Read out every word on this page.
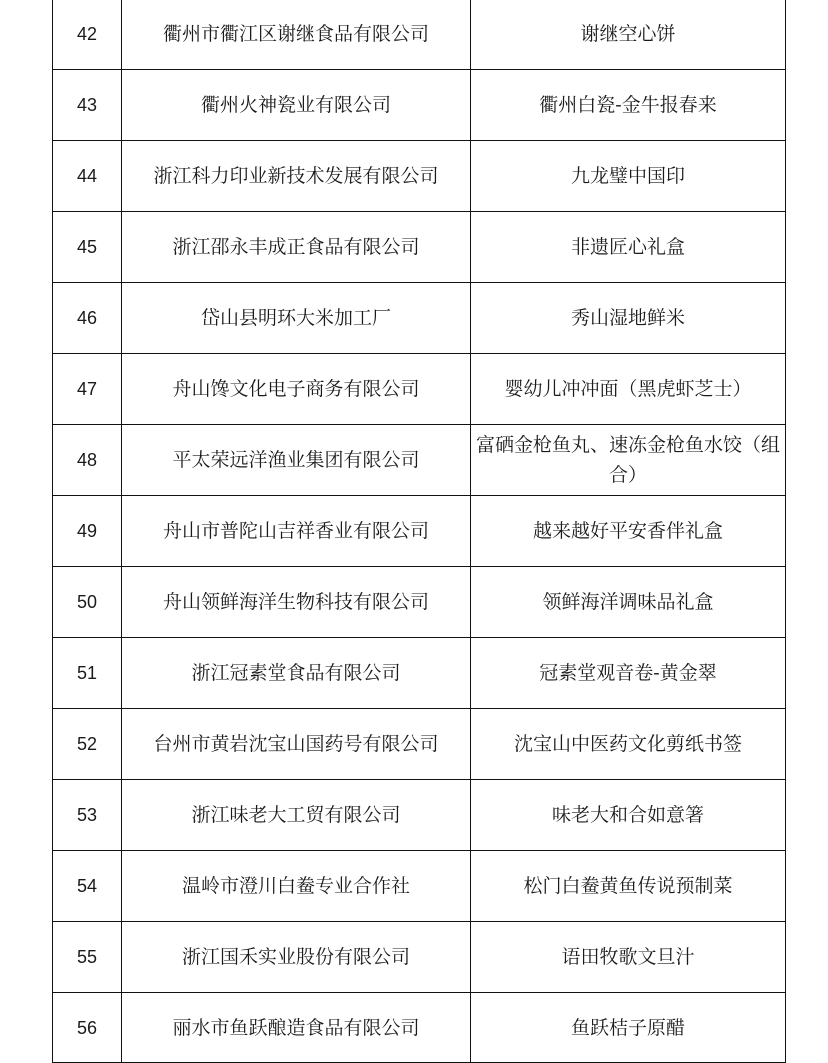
42	衢州市衢江区谢继食品有限公司	谢继空心饼
43	衢州火神瓷业有限公司	衢州白瓷-金牛报春来
44	浙江科力印业新技术发展有限公司	九龙璧中国印
45	浙江邵永丰成正食品有限公司	非遗匠心礼盒
46	岱山县明环大米加工厂	秀山湿地鲜米
47	舟山馋文化电子商务有限公司	婴幼儿冲冲面（黑虎虾芝士）
48	平太荣远洋渔业集团有限公司	富硒金枪鱼丸、速冻金枪鱼水饺（组合）
49	舟山市普陀山吉祥香业有限公司	越来越好平安香伴礼盒
50	舟山领鲜海洋生物科技有限公司	领鲜海洋调味品礼盒
51	浙江冠素堂食品有限公司	冠素堂观音卷-黄金翠
52	台州市黄岩沈宝山国药号有限公司	沈宝山中医药文化剪纸书签
53	浙江味老大工贸有限公司	味老大和合如意箸
54	温岭市澄川白鲞专业合作社	松门白鲞黄鱼传说预制菜
55	浙江国禾实业股份有限公司	语田牧歌文旦汁
56	丽水市鱼跃酿造食品有限公司	鱼跃桔子原醋
